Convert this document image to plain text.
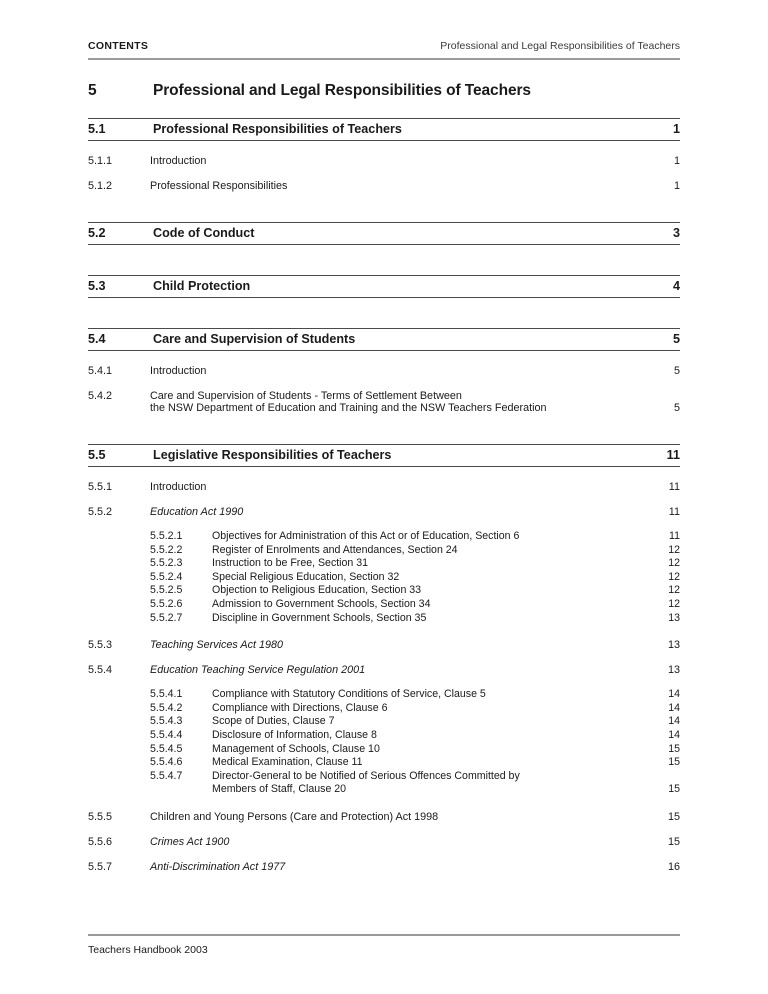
CONTENTS	Professional and Legal Responsibilities of Teachers
5	Professional and Legal Responsibilities of Teachers
5.1	Professional Responsibilities of Teachers	1
5.1.1	Introduction	1
5.1.2	Professional Responsibilities	1
5.2	Code of Conduct	3
5.3	Child Protection	4
5.4	Care and Supervision of Students	5
5.4.1	Introduction	5
5.4.2	Care and Supervision of Students - Terms of Settlement Between
the NSW Department of Education and Training and the NSW Teachers Federation	5
5.5	Legislative Responsibilities of Teachers	11
5.5.1	Introduction	11
5.5.2	Education Act 1990	11
5.5.2.1	Objectives for Administration of this Act or of Education, Section 6	11
5.5.2.2	Register of Enrolments and Attendances, Section 24	12
5.5.2.3	Instruction to be Free, Section 31	12
5.5.2.4	Special Religious Education, Section 32	12
5.5.2.5	Objection to Religious Education, Section 33	12
5.5.2.6	Admission to Government Schools, Section 34	12
5.5.2.7	Discipline in Government Schools, Section 35	13
5.5.3	Teaching Services Act 1980	13
5.5.4	Education Teaching Service Regulation 2001	13
5.5.4.1	Compliance with Statutory Conditions of Service, Clause 5	14
5.5.4.2	Compliance with Directions, Clause 6	14
5.5.4.3	Scope of Duties, Clause 7	14
5.5.4.4	Disclosure of Information, Clause 8	14
5.5.4.5	Management of Schools, Clause 10	15
5.5.4.6	Medical Examination, Clause 11	15
5.5.4.7	Director-General to be Notified of Serious Offences Committed by
Members of Staff, Clause 20	15
5.5.5	Children and Young Persons (Care and Protection) Act 1998	15
5.5.6	Crimes Act 1900	15
5.5.7	Anti-Discrimination Act 1977	16
Teachers Handbook 2003
